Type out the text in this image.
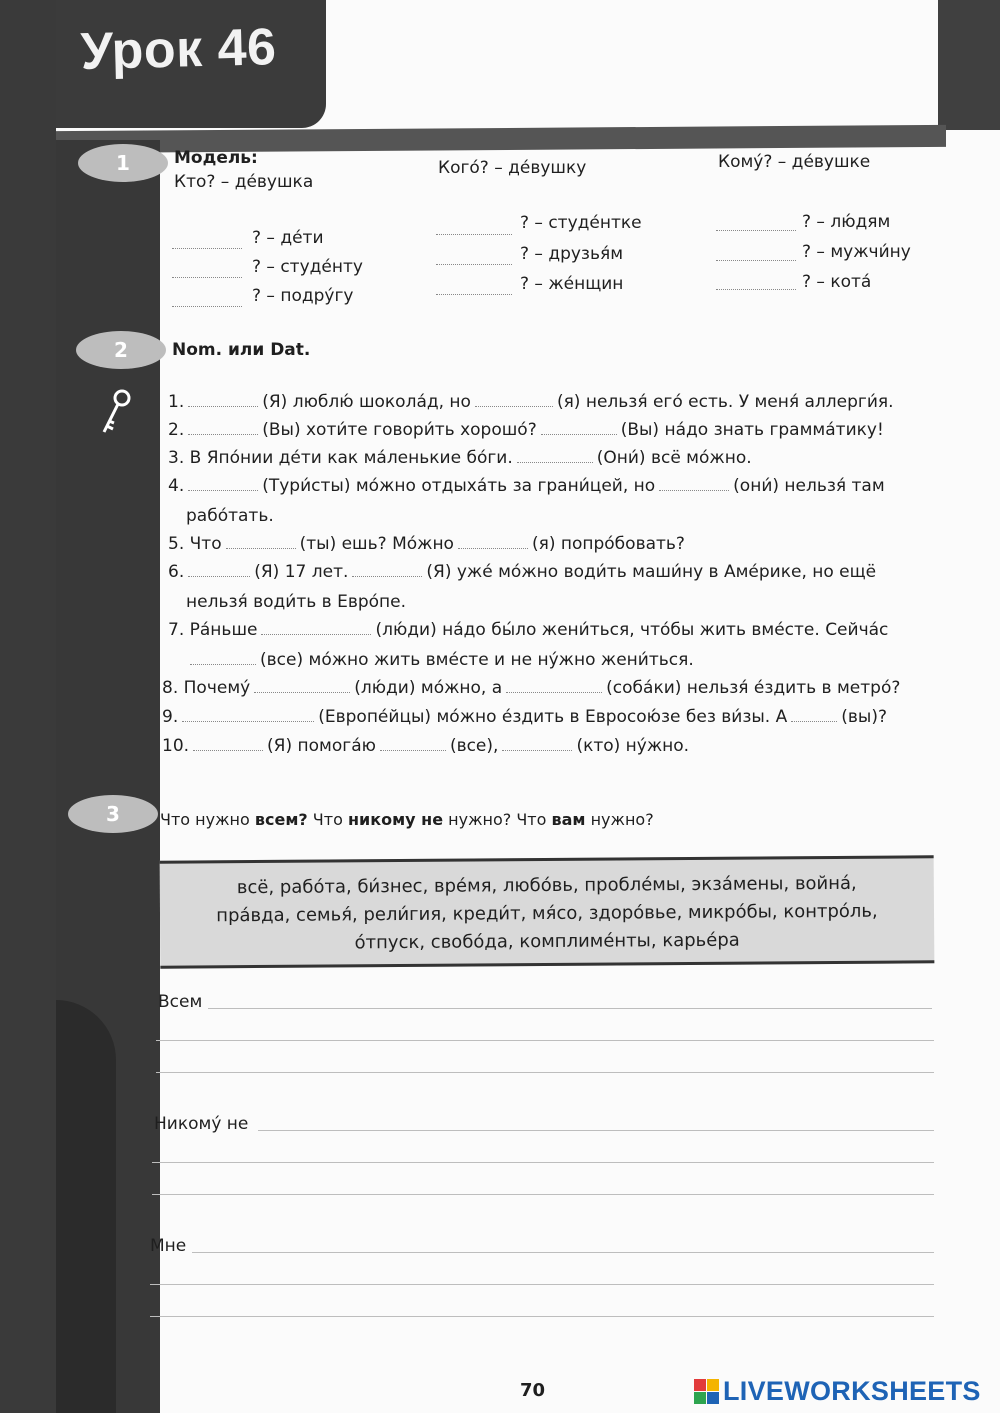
Урок 46
1	Модель:
Кто? – де́вушка
Кого́? – де́вушку	Кому́? – де́вушке
? – де́ти
? – студе́нту
? – подру́гу
? – студе́нтке
? – друзья́м
? – же́нщин
? – лю́дям
? – мужчи́ну
? – кота́
2	Nom. или Dat.
1.	(Я) люблю́ шокола́д, но	(я) нельзя́ его́ есть. У меня́ аллерги́я.
2.	(Вы) хоти́те говори́ть хорошо́?	(Вы) на́до знать грамма́тику!
3. В Япо́нии де́ти как ма́ленькие бо́ги.	(Они́) всё мо́жно.
4.	(Тури́сты) мо́жно отдыха́ть за грани́цей, но	(они́) нельзя́ там
рабо́тать.
5. Что	(ты) ешь? Мо́жно	(я) попро́бовать?
6.	(Я) 17 лет.	(Я) уже́ мо́жно води́ть маши́ну в Аме́рике, но ещё
нельзя́ води́ть в Евро́пе.
7. Ра́ньше	(лю́ди) на́до бы́ло жени́ться, что́бы жить вме́сте. Сейча́с
(все) мо́жно жить вме́сте и не ну́жно жени́ться.
8. Почему́	(лю́ди) мо́жно, а	(соба́ки) нельзя́ е́здить в метро́?
9.	(Европе́йцы) мо́жно е́здить в Евросою́зе без ви́зы. А	(вы)?
10.	(Я) помога́ю	(все),	(кто) ну́жно.
3	Что нужно всем? Что никому не нужно? Что вам нужно?
всё, рабо́та, би́знес, вре́мя, любо́вь, пробле́мы, экза́мены, война́,
пра́вда, семья́, рели́гия, креди́т, мя́со, здоро́вье, микро́бы, контро́ль,
о́тпуск, свобо́да, комплиме́нты, карье́ра
Всем
Никому́ не
Мне
70	LIVEWORKSHEETS
